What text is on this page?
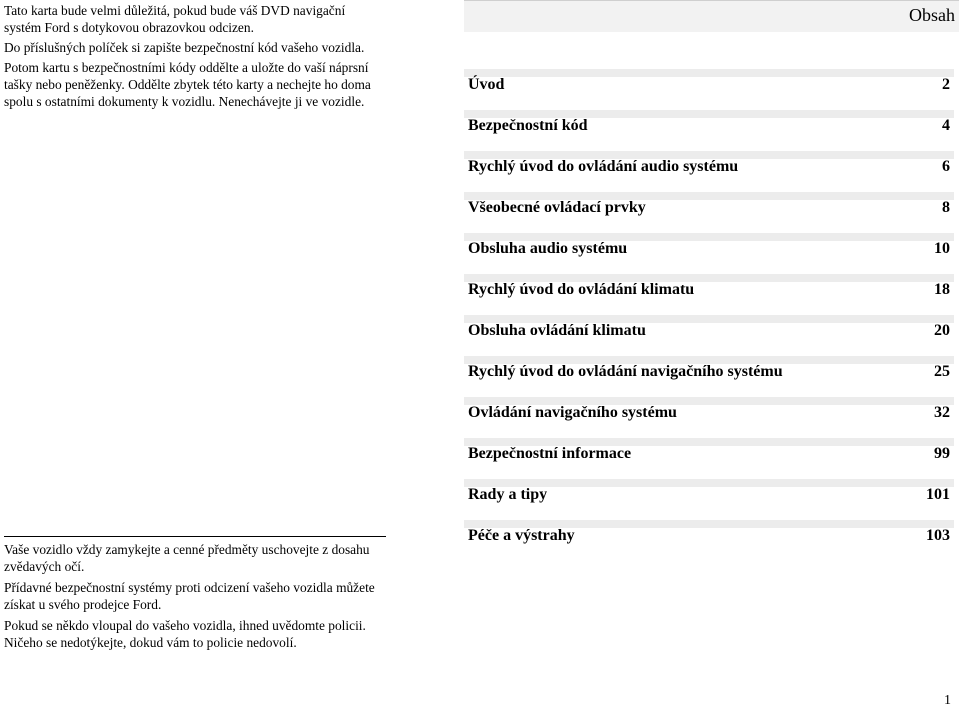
Tato karta bude velmi důležitá, pokud bude váš DVD navigační systém Ford s dotykovou obrazovkou odcizen.

Do příslušných políček si zapište bezpečnostní kód vašeho vozidla.

Potom kartu s bezpečnostními kódy oddělte a uložte do vaší náprsní tašky nebo peněženky. Oddělte zbytek této karty a nechejte ho doma spolu s ostatními dokumenty k vozidlu. Nenechávejte ji ve vozidle.

Vaše vozidlo vždy zamykejte a cenné předměty uschovejte z dosahu zvědavých očí.

Přídavné bezpečnostní systémy proti odcizení vašeho vozidla můžete získat u svého prodejce Ford.

Pokud se někdo vloupal do vašeho vozidla, ihned uvědomte policii. Ničeho se nedotýkejte, dokud vám to policie nedovolí.

Obsah
Úvod	2
Bezpečnostní kód	4
Rychlý úvod do ovládání audio systému	6
Všeobecné ovládací prvky	8
Obsluha audio systému	10
Rychlý úvod do ovládání klimatu	18
Obsluha ovládání klimatu	20
Rychlý úvod do ovládání navigačního systému	25
Ovládání navigačního systému	32
Bezpečnostní informace	99
Rady a tipy	101
Péče a výstrahy	103
1
